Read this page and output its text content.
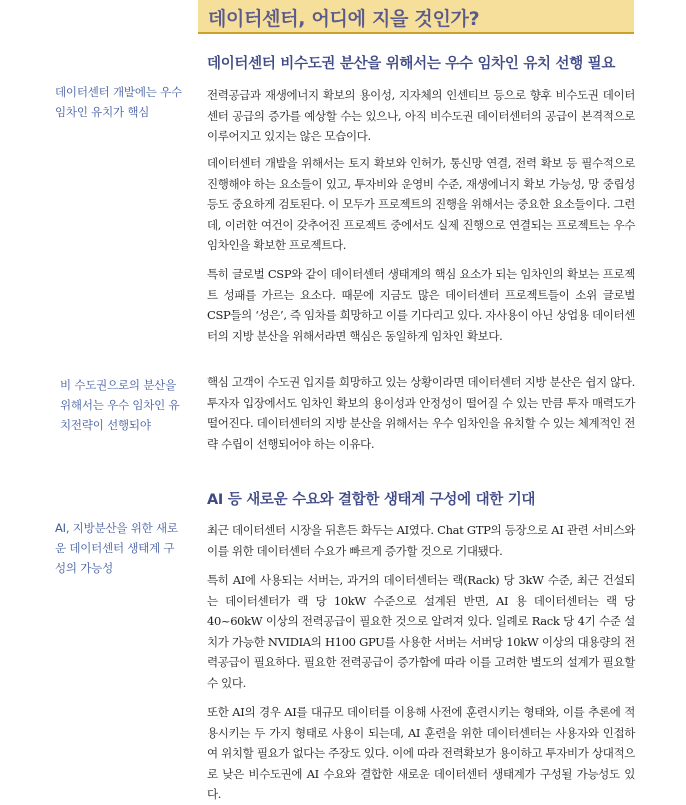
데이터센터, 어디에 지을 것인가?
데이터센터 비수도권 분산을 위해서는 우수 임차인 유치 선행 필요

데이터센터 개발에는 우수 임차인 유치가 핵심

비 수도권으로의 분산을 위해서는 우수 임차인 유치전략이 선행되야

AI, 지방분산을 위한 새로운 데이터센터 생태계 구성의 가능성

전력공급과 재생에너지 확보의 용이성, 지자체의 인센티브 등으로 향후 비수도권 데이터센터 공급의 증가를 예상할 수는 있으나, 아직 비수도권 데이터센터의 공급이 본격적으로 이루어지고 있지는 않은 모습이다.

데이터센터 개발을 위해서는 토지 확보와 인허가, 통신망 연결, 전력 확보 등 필수적으로 진행해야 하는 요소들이 있고, 투자비와 운영비 수준, 재생에너지 확보 가능성, 망 중립성 등도 중요하게 검토된다. 이 모두가 프로젝트의 진행을 위해서는 중요한 요소들이다. 그런데, 이러한 여건이 갖추어진 프로젝트 중에서도 실제 진행으로 연결되는 프로젝트는 우수 임차인을 확보한 프로젝트다.

특히 글로벌 CSP와 같이 데이터센터 생태계의 핵심 요소가 되는 임차인의 확보는 프로젝트 성패를 가르는 요소다. 때문에 지금도 많은 데이터센터 프로젝트들이 소위 글로벌 CSP들의 ‘성은’, 즉 임차를 희망하고 이를 기다리고 있다. 자사용이 아닌 상업용 데이터센터의 지방 분산을 위해서라면 핵심은 동일하게 임차인 확보다.

핵심 고객이 수도권 입지를 희망하고 있는 상황이라면 데이터센터 지방 분산은 쉽지 않다. 투자자 입장에서도 임차인 확보의 용이성과 안정성이 떨어질 수 있는 만큼 투자 매력도가 떨어진다. 데이터센터의 지방 분산을 위해서는 우수 임차인을 유치할 수 있는 체계적인 전략 수립이 선행되어야 하는 이유다.

AI 등 새로운 수요와 결합한 생태계 구성에 대한 기대

최근 데이터센터 시장을 뒤흔든 화두는 AI였다. Chat GTP의 등장으로 AI 관련 서비스와 이를 위한 데이터센터 수요가 빠르게 증가할 것으로 기대됐다.

특히 AI에 사용되는 서버는, 과거의 데이터센터는 랙(Rack) 당 3kW 수준, 최근 건설되는 데이터센터가 랙 당 10kW 수준으로 설계된 반면, AI 용 데이터센터는 랙 당 40~60kW 이상의 전력공급이 필요한 것으로 알려져 있다. 일례로 Rack 당 4기 수준 설치가 가능한 NVIDIA의 H100 GPU를 사용한 서버는 서버당 10kW 이상의 대용량의 전력공급이 필요하다. 필요한 전력공급이 증가함에 따라 이를 고려한 별도의 설계가 필요할 수 있다.

또한 AI의 경우 AI를 대규모 데이터를 이용해 사전에 훈련시키는 형태와, 이를 추론에 적용시키는 두 가지 형태로 사용이 되는데, AI 훈련을 위한 데이터센터는 사용자와 인접하여 위치할 필요가 없다는 주장도 있다. 이에 따라 전력확보가 용이하고 투자비가 상대적으로 낮은 비수도권에 AI 수요와 결합한 새로운 데이터센터 생태계가 구성될 가능성도 있다.
